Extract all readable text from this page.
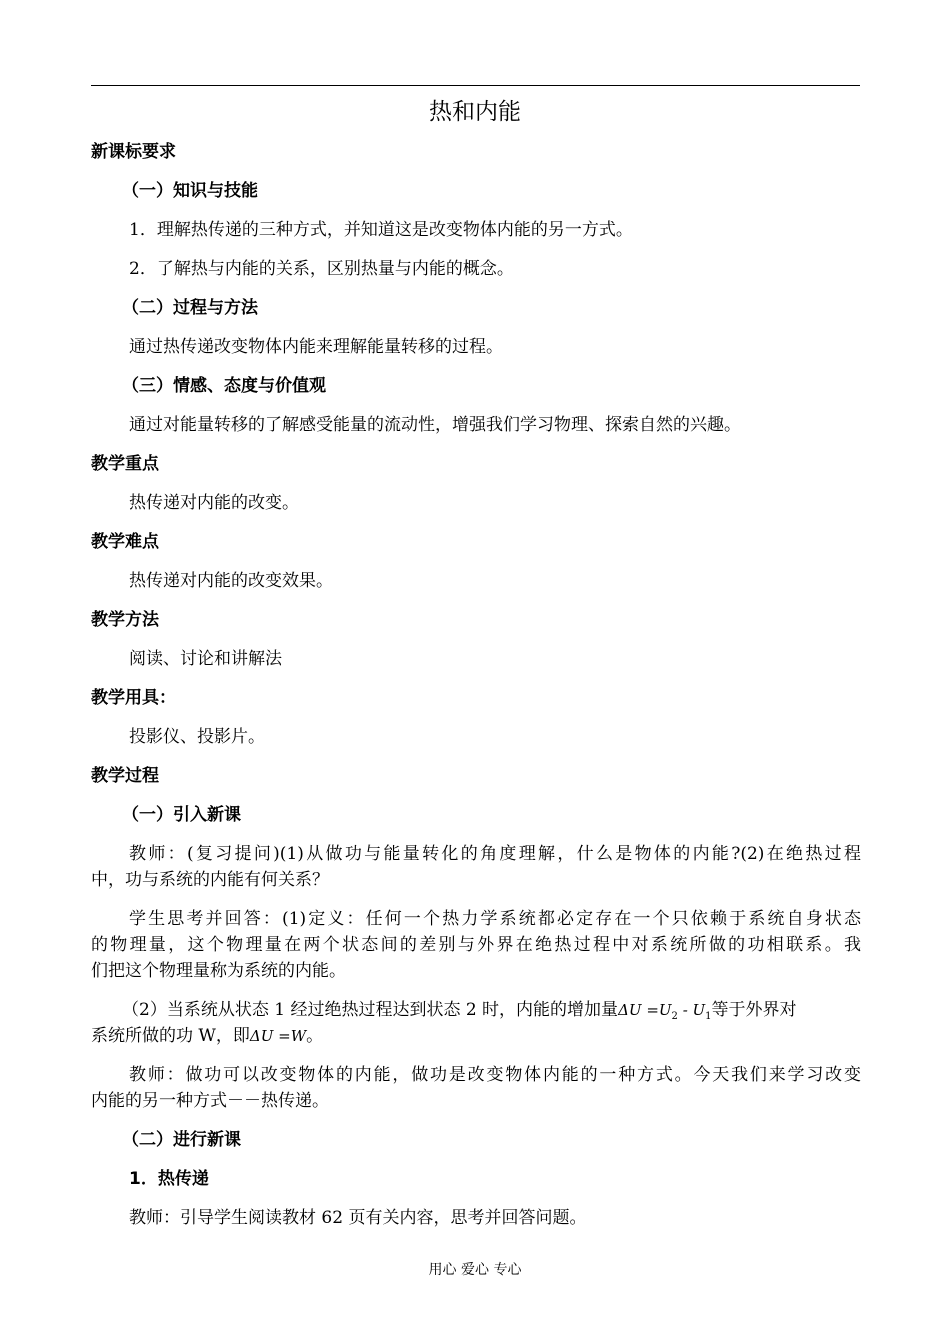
热和内能
新课标要求
（一）知识与技能
1．理解热传递的三种方式，并知道这是改变物体内能的另一方式。
2．了解热与内能的关系，区别热量与内能的概念。
（二）过程与方法
通过热传递改变物体内能来理解能量转移的过程。
（三）情感、态度与价值观
通过对能量转移的了解感受能量的流动性，增强我们学习物理、探索自然的兴趣。
教学重点
热传递对内能的改变。
教学难点
热传递对内能的改变效果。
教学方法
阅读、讨论和讲解法
教学用具：
投影仪、投影片。
教学过程
（一）引入新课
教师：(复习提问)(1)从做功与能量转化的角度理解，什么是物体的内能?(2)在绝热过程
中，功与系统的内能有何关系？
学生思考并回答：(1)定义：任何一个热力学系统都必定存在一个只依赖于系统自身状态
的物理量，这个物理量在两个状态间的差别与外界在绝热过程中对系统所做的功相联系。我
们把这个物理量称为系统的内能。
（2）当系统从状态 1 经过绝热过程达到状态 2 时，内能的增加量$\Delta U =U_2 - U_1$等于外界对
系统所做的功 W，即ΔU =W。
教师：做功可以改变物体的内能，做功是改变物体内能的一种方式。今天我们来学习改变
内能的另一种方式－－热传递。
（二）进行新课
1．热传递
教师：引导学生阅读教材 62 页有关内容，思考并回答问题。
用心 爱心 专心
